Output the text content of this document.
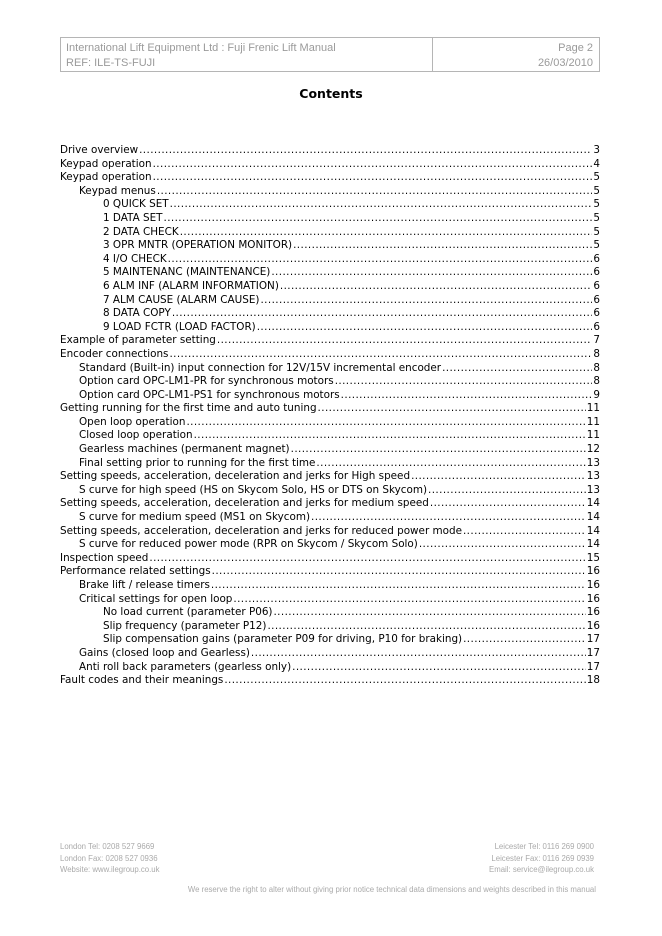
International Lift Equipment Ltd : Fuji Frenic Lift Manual
REF: ILE-TS-FUJI
Page 2
26/03/2010
Contents
Drive overview .....	3
Keypad operation .....	4
Keypad operation .....	5
Keypad menus .....	5
0 QUICK SET .....	5
1 DATA SET .....	5
2 DATA CHECK .....	5
3 OPR MNTR (OPERATION MONITOR) .....	5
4 I/O CHECK .....	6
5 MAINTENANC (MAINTENANCE) .....	6
6 ALM INF (ALARM INFORMATION) .....	6
7 ALM CAUSE (ALARM CAUSE) .....	6
8 DATA COPY .....	6
9 LOAD FCTR (LOAD FACTOR) .....	6
Example of parameter setting .....	7
Encoder connections .....	8
Standard (Built-in) input connection for 12V/15V incremental encoder .....	8
Option card OPC-LM1-PR for synchronous motors .....	8
Option card OPC-LM1-PS1 for synchronous motors .....	9
Getting running for the first time and auto tuning .....	11
Open loop operation .....	11
Closed loop operation .....	11
Gearless machines (permanent magnet) .....	12
Final setting prior to running for the first time .....	13
Setting speeds, acceleration, deceleration and jerks for High speed .....	13
S curve for high speed (HS on Skycom Solo, HS or DTS on Skycom) .....	13
Setting speeds, acceleration, deceleration and jerks for medium speed .....	14
S curve for medium speed (MS1 on Skycom) .....	14
Setting speeds, acceleration, deceleration and jerks for reduced power mode .....	14
S curve for reduced power mode (RPR on Skycom / Skycom Solo) .....	14
Inspection speed .....	15
Performance related settings .....	16
Brake lift / release timers .....	16
Critical settings for open loop .....	16
No load current (parameter P06) .....	16
Slip frequency (parameter P12) .....	16
Slip compensation gains (parameter P09 for driving, P10 for braking) .....	17
Gains (closed loop and Gearless) .....	17
Anti roll back parameters (gearless only) .....	17
Fault codes and their meanings .....	18
London Tel: 0208 527 9669
London Fax: 0208 527 0936
Website: www.ilegroup.co.uk
Leicester Tel: 0116 269 0900
Leicester Fax: 0116 269 0939
Email: service@ilegroup.co.uk
We reserve the right to alter without giving prior notice technical data dimensions and weights described in this manual
